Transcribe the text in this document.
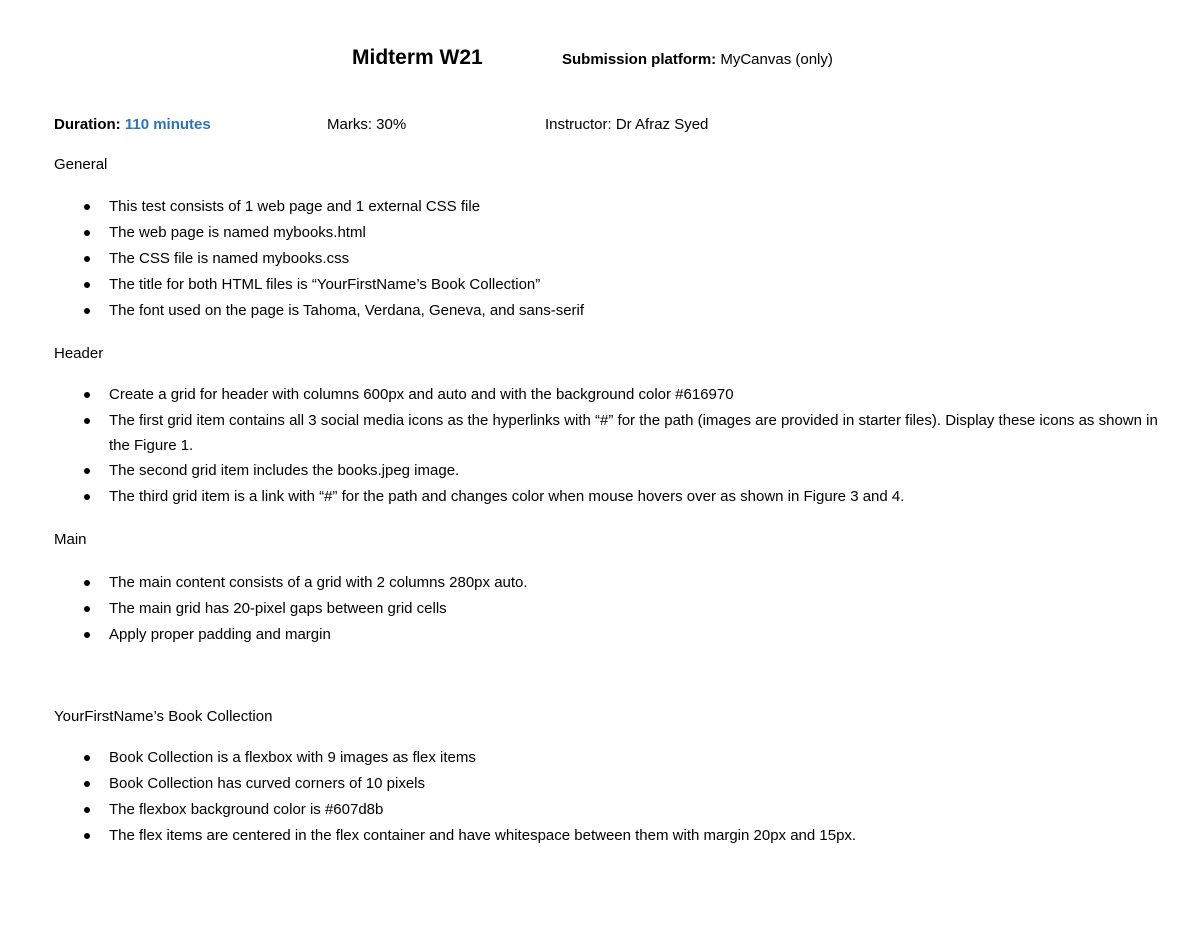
Midterm W21	Submission platform: MyCanvas (only)
Duration: 110 minutes	Marks: 30%	Instructor: Dr Afraz Syed
General
This test consists of 1 web page and 1 external CSS file
The web page is named mybooks.html
The CSS file is named mybooks.css
The title for both HTML files is “YourFirstName’s Book Collection”
The font used on the page is Tahoma, Verdana, Geneva, and sans-serif
Header
Create a grid for header with columns 600px and auto and with the background color #616970
The first grid item contains all 3 social media icons as the hyperlinks with “#” for the path (images are provided in starter files). Display these icons as shown in the Figure 1.
The second grid item includes the books.jpeg image.
The third grid item is a link with “#” for the path and changes color when mouse hovers over as shown in Figure 3 and 4.
Main
The main content consists of a grid with 2 columns 280px auto.
The main grid has 20-pixel gaps between grid cells
Apply proper padding and margin
YourFirstName’s Book Collection
Book Collection is a flexbox with 9 images as flex items
Book Collection has curved corners of 10 pixels
The flexbox background color is #607d8b
The flex items are centered in the flex container and have whitespace between them with margin 20px and 15px.
